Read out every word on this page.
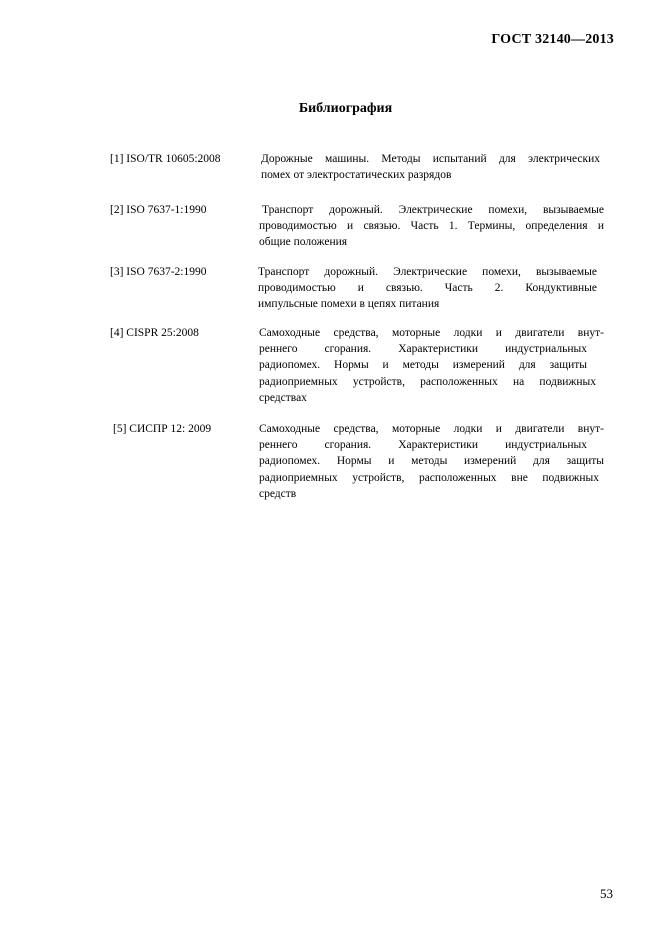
ГОСТ 32140—2013
Библиография
[1] ISO/TR 10605:2008	Дорожные машины. Методы испытаний для электрических
помех от электростатических разрядов
[2] ISO 7637-1:1990	Транспорт дорожный. Электрические помехи, вызываемые
проводимостью и связью. Часть 1. Термины, определения и
общие положения
[3] ISO 7637-2:1990	Транспорт дорожный. Электрические помехи, вызываемые
проводимостью и связью. Часть 2. Кондуктивные
импульсные помехи в цепях питания
[4] CISPR 25:2008	Самоходные средства, моторные лодки и двигатели внут-
реннего сгорания. Характеристики индустриальных
радиопомех. Нормы и методы измерений для защиты
радиоприемных устройств, расположенных на подвижных
средствах
[5] СИСПР 12: 2009	Самоходные средства, моторные лодки и двигатели внут-
реннего сгорания. Характеристики индустриальных
радиопомех. Нормы и методы измерений для защиты
радиоприемных устройств, расположенных вне подвижных
средств
53
